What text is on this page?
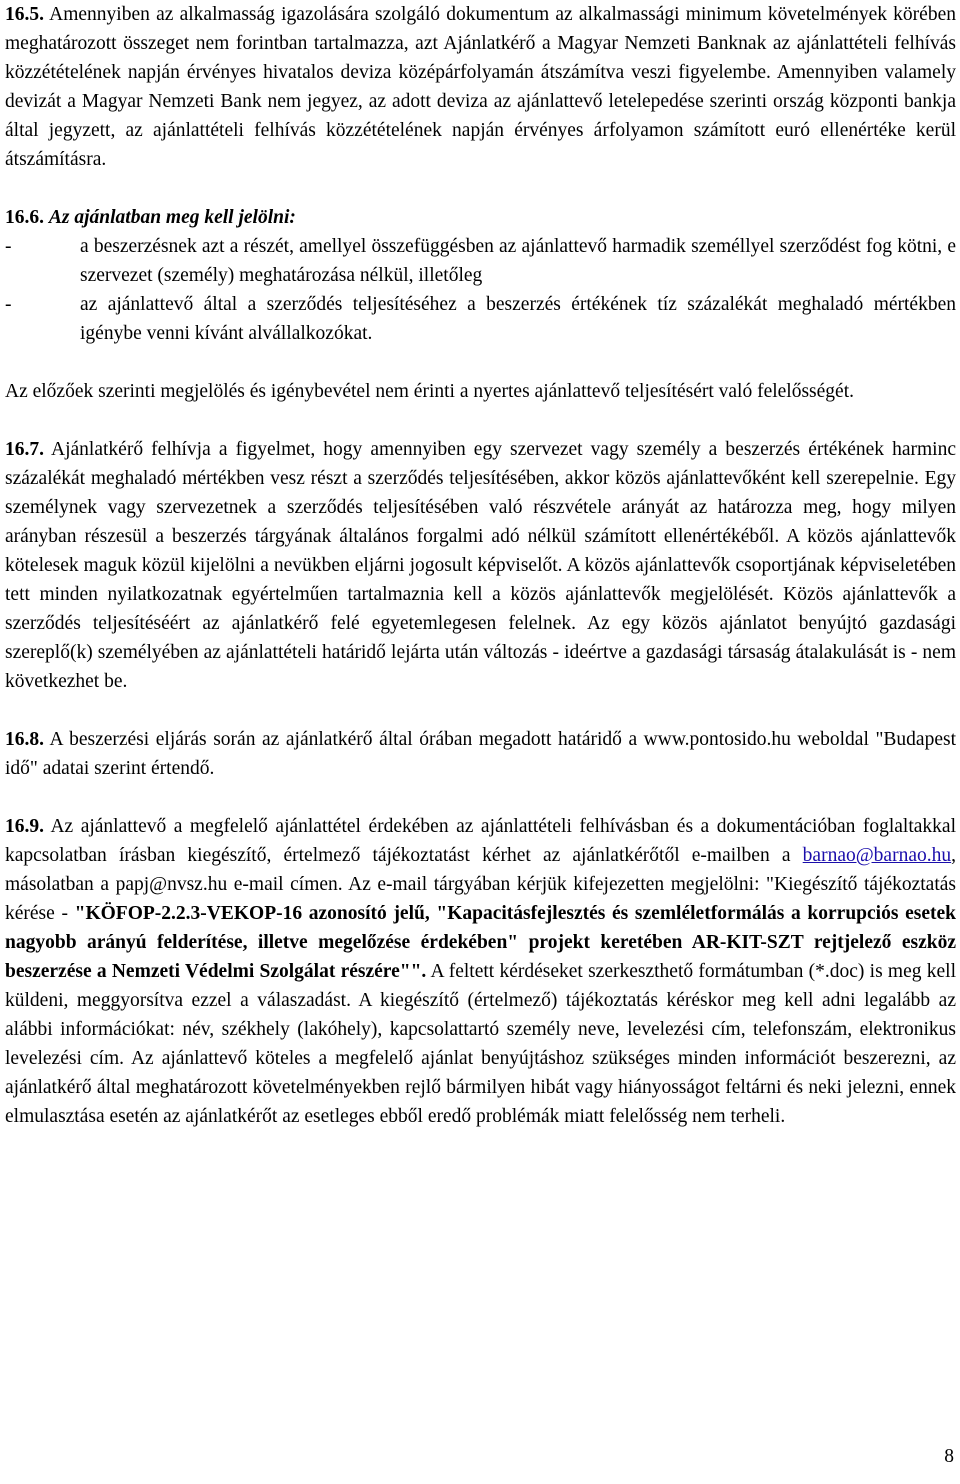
16.5. Amennyiben az alkalmasság igazolására szolgáló dokumentum az alkalmassági minimum követelmények körében meghatározott összeget nem forintban tartalmazza, azt Ajánlatkérő a Magyar Nemzeti Banknak az ajánlattételi felhívás közzétételének napján érvényes hivatalos deviza középárfolyamán átszámítva veszi figyelembe. Amennyiben valamely devizát a Magyar Nemzeti Bank nem jegyez, az adott deviza az ajánlattevő letelepedése szerinti ország központi bankja által jegyzett, az ajánlattételi felhívás közzétételének napján érvényes árfolyamon számított euró ellenértéke kerül átszámításra.

16.6. Az ajánlatban meg kell jelölni:

-	a beszerzésnek azt a részét, amellyel összefüggésben az ajánlattevő harmadik személlyel szerződést fog kötni, e szervezet (személy) meghatározása nélkül, illetőleg
-	az ajánlattevő által a szerződés teljesítéséhez a beszerzés értékének tíz százalékát meghaladó mértékben igénybe venni kívánt alvállalkozókat.

Az előzőek szerinti megjelölés és igénybevétel nem érinti a nyertes ajánlattevő teljesítésért való felelősségét.

16.7. Ajánlatkérő felhívja a figyelmet, hogy amennyiben egy szervezet vagy személy a beszerzés értékének harminc százalékát meghaladó mértékben vesz részt a szerződés teljesítésében, akkor közös ajánlattevőként kell szerepelnie. Egy személynek vagy szervezetnek a szerződés teljesítésében való részvétele arányát az határozza meg, hogy milyen arányban részesül a beszerzés tárgyának általános forgalmi adó nélkül számított ellenértékéből. A közös ajánlattevők kötelesek maguk közül kijelölni a nevükben eljárni jogosult képviselőt. A közös ajánlattevők csoportjának képviseletében tett minden nyilatkozatnak egyértelműen tartalmaznia kell a közös ajánlattevők megjelölését. Közös ajánlattevők a szerződés teljesítéséért az ajánlatkérő felé egyetemlegesen felelnek. Az egy közös ajánlatot benyújtó gazdasági szereplő(k) személyében az ajánlattételi határidő lejárta után változás - ideértve a gazdasági társaság átalakulását is - nem következhet be.

16.8. A beszerzési eljárás során az ajánlatkérő által órában megadott határidő a www.pontosido.hu weboldal "Budapest idő" adatai szerint értendő.

16.9. Az ajánlattevő a megfelelő ajánlattétel érdekében az ajánlattételi felhívásban és a dokumentációban foglaltakkal kapcsolatban írásban kiegészítő, értelmező tájékoztatást kérhet az ajánlatkérőtől e-mailben a barnao@barnao.hu, másolatban a papj@nvsz.hu e-mail címen. Az e-mail tárgyában kérjük kifejezetten megjelölni: "Kiegészítő tájékoztatás kérése - "KÖFOP-2.2.3-VEKOP-16 azonosító jelű, "Kapacitásfejlesztés és szemléletformálás a korrupciós esetek nagyobb arányú felderítése, illetve megelőzése érdekében" projekt keretében AR-KIT-SZT rejtjelező eszköz beszerzése a Nemzeti Védelmi Szolgálat részére"". A feltett kérdéseket szerkeszthető formátumban (*.doc) is meg kell küldeni, meggyorsítva ezzel a válaszadást. A kiegészítő (értelmező) tájékoztatás kéréskor meg kell adni legalább az alábbi információkat: név, székhely (lakóhely), kapcsolattartó személy neve, levelezési cím, telefonszám, elektronikus levelezési cím. Az ajánlattevő köteles a megfelelő ajánlat benyújtáshoz szükséges minden információt beszerezni, az ajánlatkérő által meghatározott követelményekben rejlő bármilyen hibát vagy hiányosságot feltárni és neki jelezni, ennek elmulasztása esetén az ajánlatkérőt az esetleges ebből eredő problémák miatt felelősség nem terheli.

8
